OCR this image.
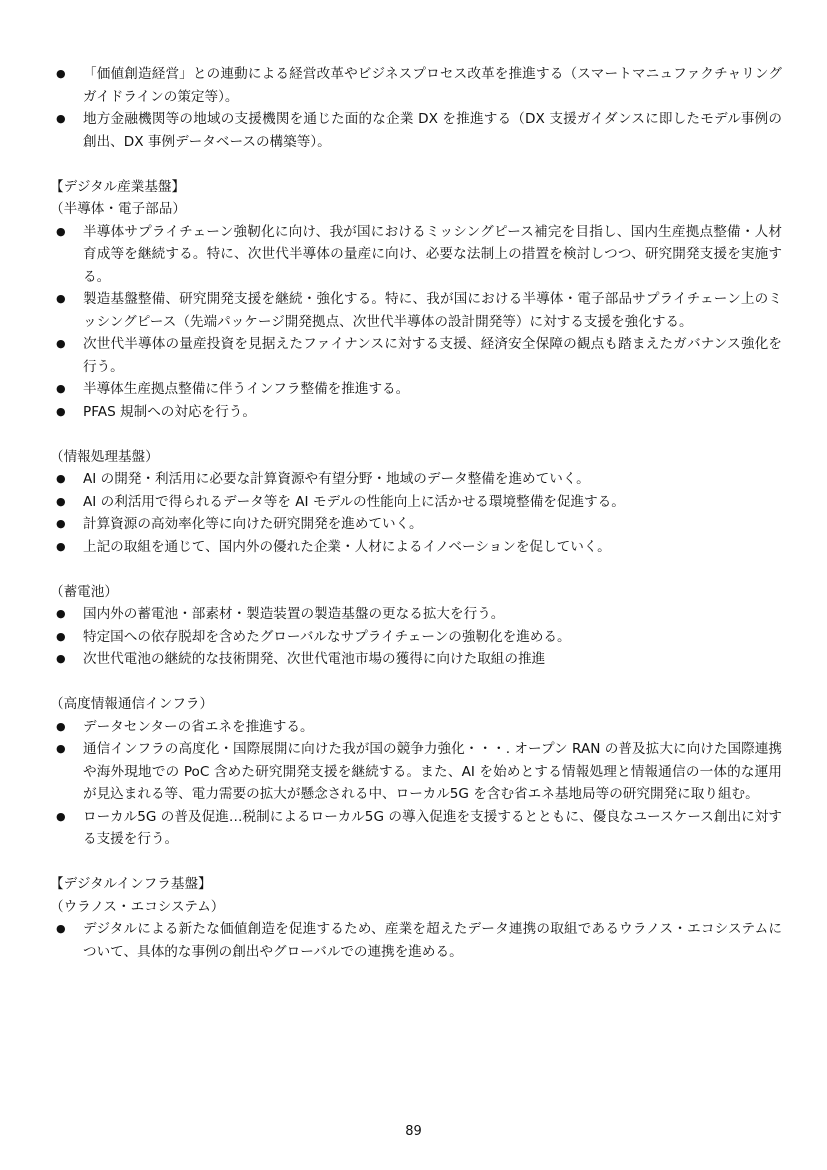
● 「価値創造経営」との連動による経営改革やビジネスプロセス改革を推進する（スマートマニュファクチャリングガイドラインの策定等）。
● 地方金融機関等の地域の支援機関を通じた面的な企業 DX を推進する（DX 支援ガイダンスに即したモデル事例の創出、DX 事例データベースの構築等）。

【デジタル産業基盤】

（半導体・電子部品）

● 半導体サプライチェーン強靭化に向け、我が国におけるミッシングピース補完を目指し、国内生産拠点整備・人材育成等を継続する。特に、次世代半導体の量産に向け、必要な法制上の措置を検討しつつ、研究開発支援を実施する。
● 製造基盤整備、研究開発支援を継続・強化する。特に、我が国における半導体・電子部品サプライチェーン上のミッシングピース（先端パッケージ開発拠点、次世代半導体の設計開発等）に対する支援を強化する。
● 次世代半導体の量産投資を見据えたファイナンスに対する支援、経済安全保障の観点も踏まえたガバナンス強化を行う。
● 半導体生産拠点整備に伴うインフラ整備を推進する。
● PFAS 規制への対応を行う。

（情報処理基盤）

● AI の開発・利活用に必要な計算資源や有望分野・地域のデータ整備を進めていく。
● AI の利活用で得られるデータ等を AI モデルの性能向上に活かせる環境整備を促進する。
● 計算資源の高効率化等に向けた研究開発を進めていく。
● 上記の取組を通じて、国内外の優れた企業・人材によるイノベーションを促していく。

（蓄電池）

● 国内外の蓄電池・部素材・製造装置の製造基盤の更なる拡大を行う。
● 特定国への依存脱却を含めたグローバルなサプライチェーンの強靭化を進める。
● 次世代電池の継続的な技術開発、次世代電池市場の獲得に向けた取組の推進

（高度情報通信インフラ）

● データセンターの省エネを推進する。
● 通信インフラの高度化・国際展開に向けた我が国の競争力強化・・・. オープン RAN の普及拡大に向けた国際連携や海外現地での PoC 含めた研究開発支援を継続する。また、AI を始めとする情報処理と情報通信の一体的な運用が見込まれる等、電力需要の拡大が懸念される中、ローカル5G を含む省エネ基地局等の研究開発に取り組む。
● ローカル5G の普及促進…税制によるローカル5G の導入促進を支援するとともに、優良なユースケース創出に対する支援を行う。

【デジタルインフラ基盤】

（ウラノス・エコシステム）

● デジタルによる新たな価値創造を促進するため、産業を超えたデータ連携の取組であるウラノス・エコシステムについて、具体的な事例の創出やグローバルでの連携を進める。
89
